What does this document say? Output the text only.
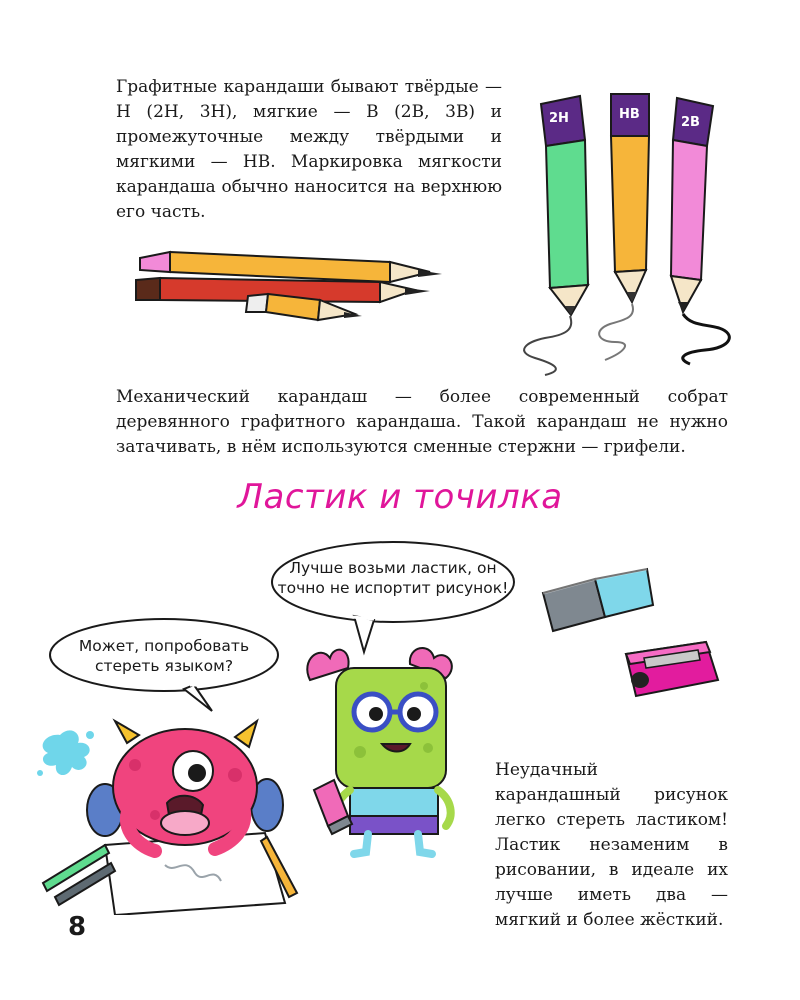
Графитные карандаши бывают твёрдые — Н (2Н, 3Н), мягкие — В (2В, 3В) и промежуточные между твёрдыми и мягкими — НВ. Маркировка мягкости карандаша обычно наносится на верхнюю его часть.
2H	HB
2B
Механический карандаш — более современный собрат деревянного графитного карандаша. Такой карандаш не нужно затачивать, в нём используются сменные стержни — грифели.
Ластик и точилка
Может, попробовать стереть языком?
Лучше возьми ластик, он точно не испортит рисунок!
Неудачный карандашный рисунок легко стереть ластиком! Ластик незаменим в рисовании, в идеале их лучше иметь два — мягкий и более жёсткий.
8
